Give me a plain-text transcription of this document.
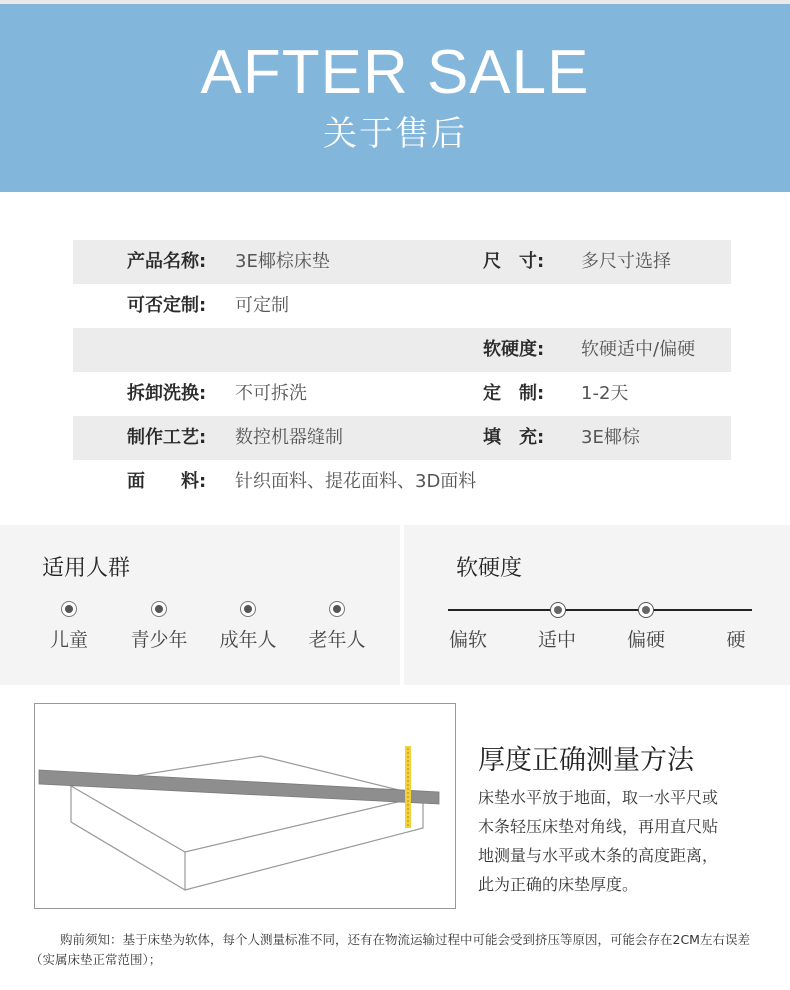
AFTER SALE
关于售后
产品名称: 3E椰棕床垫	尺　寸: 多尺寸选择
可否定制: 可定制
软硬度: 软硬适中/偏硬
拆卸洗换: 不可拆洗	定　制: 1-2天
制作工艺: 数控机器缝制	填　充: 3E椰棕
面　　料: 针织面料、提花面料、3D面料
适用人群
儿童	青少年	成年人	老年人
软硬度
偏软	适中	偏硬	硬
厚度正确测量方法
床垫水平放于地面，取一水平尺或
木条轻压床垫对角线，再用直尺贴
地测量与水平或木条的高度距离，
此为正确的床垫厚度。
购前须知：基于床垫为软体，每个人测量标准不同，还有在物流运输过程中可能会受到挤压等原因，可能会存在2CM左右误差（实属床垫正常范围）；
